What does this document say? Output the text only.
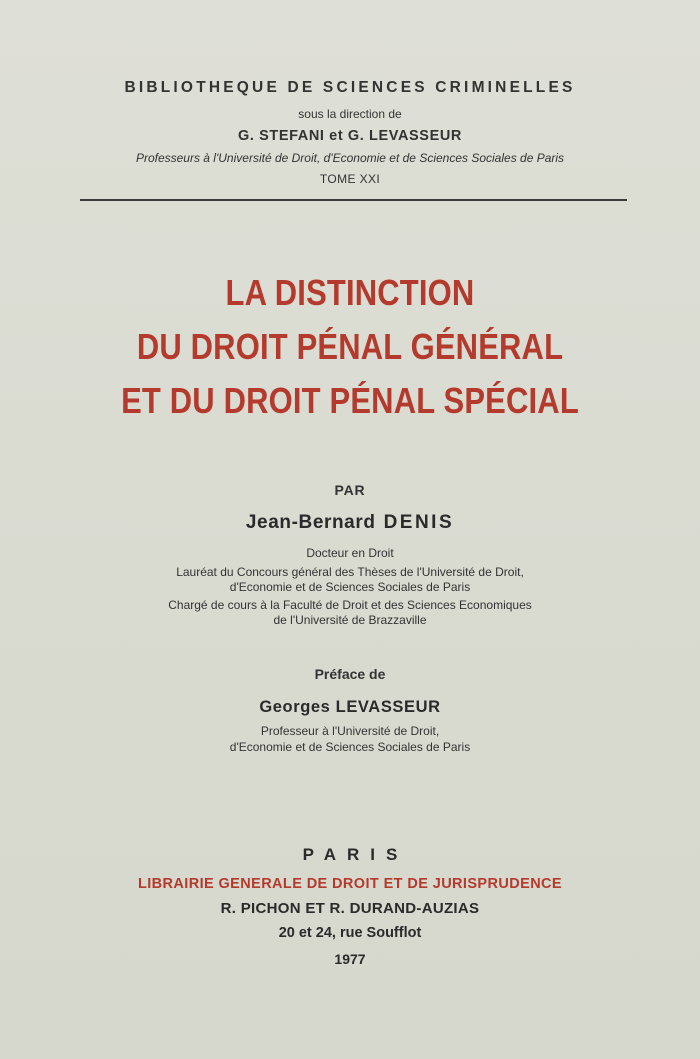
BIBLIOTHEQUE DE SCIENCES CRIMINELLES
sous la direction de
G. STEFANI et G. LEVASSEUR
Professeurs à l'Université de Droit, d'Economie et de Sciences Sociales de Paris
TOME XXI
LA DISTINCTION
DU DROIT PÉNAL GÉNÉRAL
ET DU DROIT PÉNAL SPÉCIAL
PAR
Jean-Bernard DENIS
Docteur en Droit
Lauréat du Concours général des Thèses de l'Université de Droit,
d'Economie et de Sciences Sociales de Paris
Chargé de cours à la Faculté de Droit et des Sciences Economiques
de l'Université de Brazzaville
Préface de
Georges LEVASSEUR
Professeur à l'Université de Droit,
d'Economie et de Sciences Sociales de Paris
PARIS
LIBRAIRIE GENERALE DE DROIT ET DE JURISPRUDENCE
R. PICHON ET R. DURAND-AUZIAS
20 et 24, rue Soufflot
1977
